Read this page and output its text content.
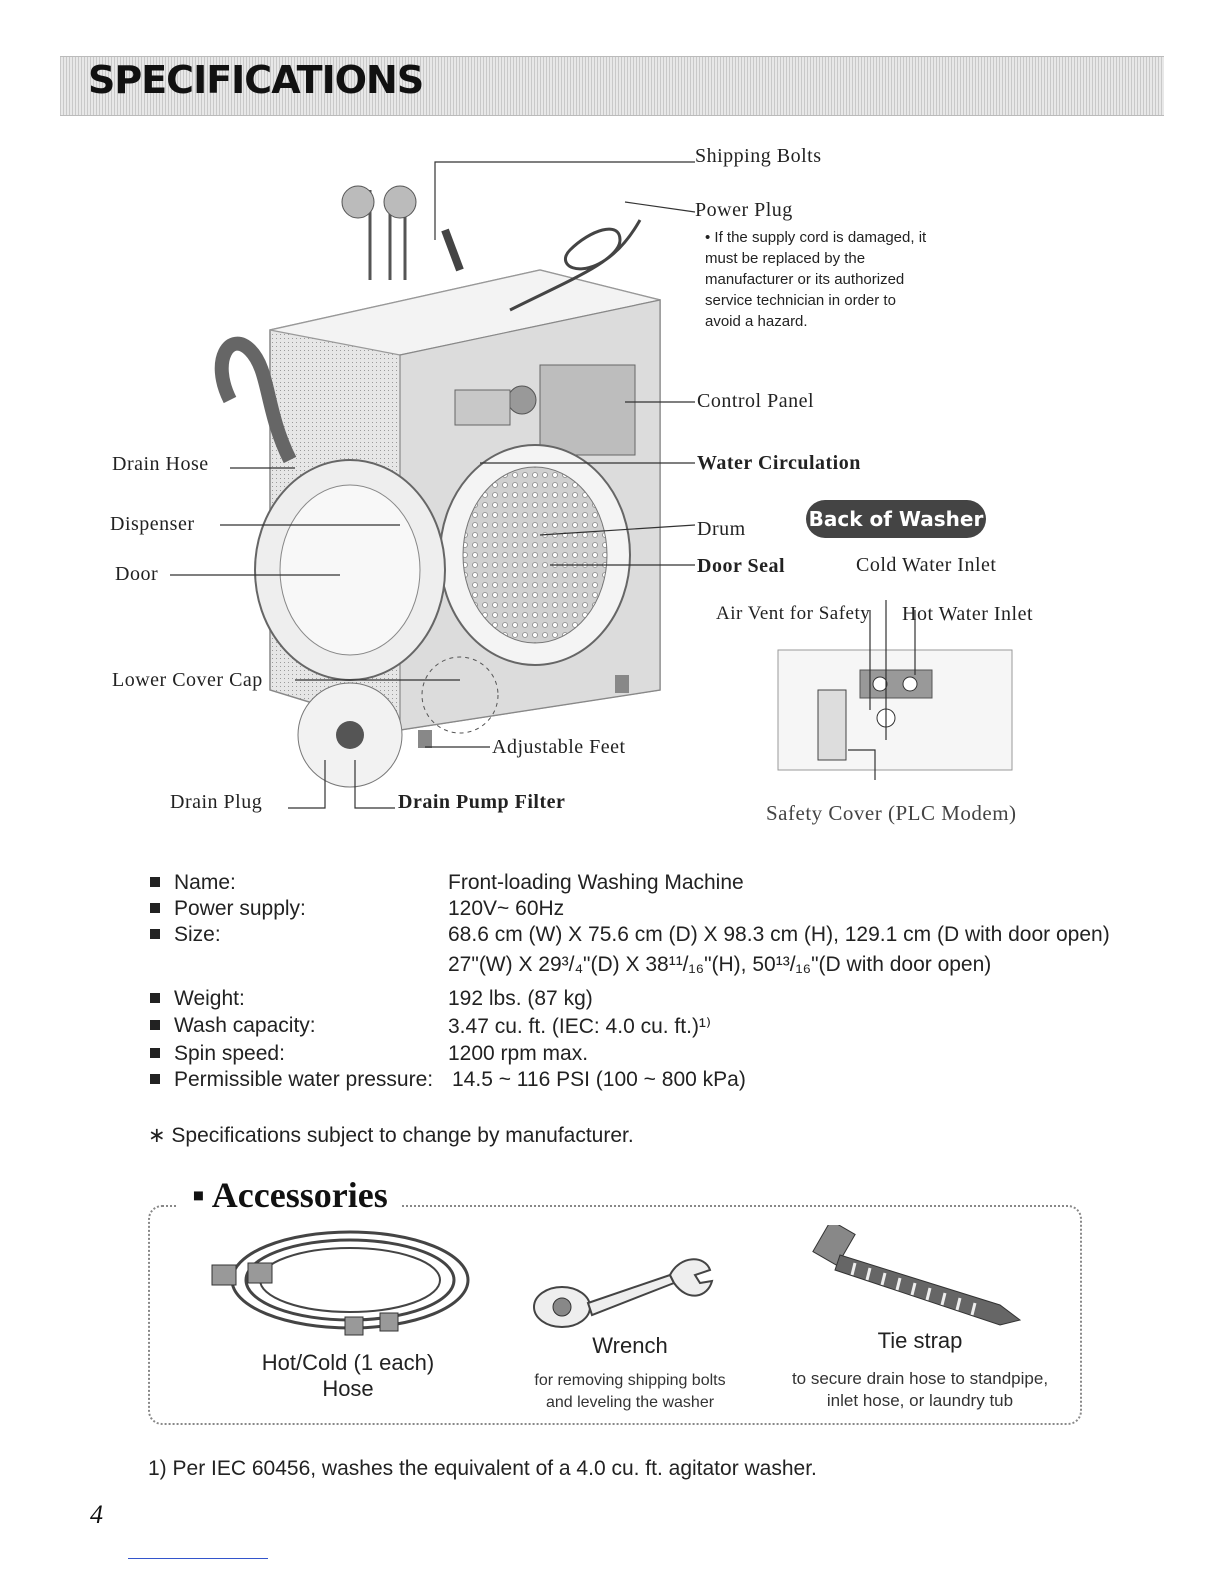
SPECIFICATIONS
Shipping Bolts
Power Plug
• If the supply cord is damaged, it must be replaced by the manufacturer or its authorized service technician in order to avoid a hazard.
Control Panel
Water Circulation
Drum
Door Seal
Drain Hose
Dispenser
Door
Lower Cover Cap
Adjustable Feet
Drain Plug	Drain Pump Filter
Back of Washer
Cold Water Inlet
Air Vent for Safety Hot Water Inlet
Safety Cover (PLC Modem)
Name:	Front-loading Washing Machine
Power supply:	120V~ 60Hz
Size:	68.6 cm (W) X 75.6 cm (D) X 98.3 cm (H), 129.1 cm (D with door open)
27"(W) X 29³/₄"(D) X 38¹¹/₁₆"(H), 50¹³/₁₆"(D with door open)
Weight:	192 lbs. (87 kg)
Wash capacity:	3.47 cu. ft. (IEC: 4.0 cu. ft.)¹⁾
Spin speed:	1200 rpm max.
Permissible water pressure: 14.5 ~ 116 PSI (100 ~ 800 kPa)
∗ Specifications subject to change by manufacturer.
▪ Accessories
Hot/Cold (1 each)
Hose
Wrench
for removing shipping bolts
and leveling the washer
Tie strap
to secure drain hose to standpipe,
inlet hose, or laundry tub
1) Per IEC 60456, washes the equivalent of a 4.0 cu. ft. agitator washer.
4
